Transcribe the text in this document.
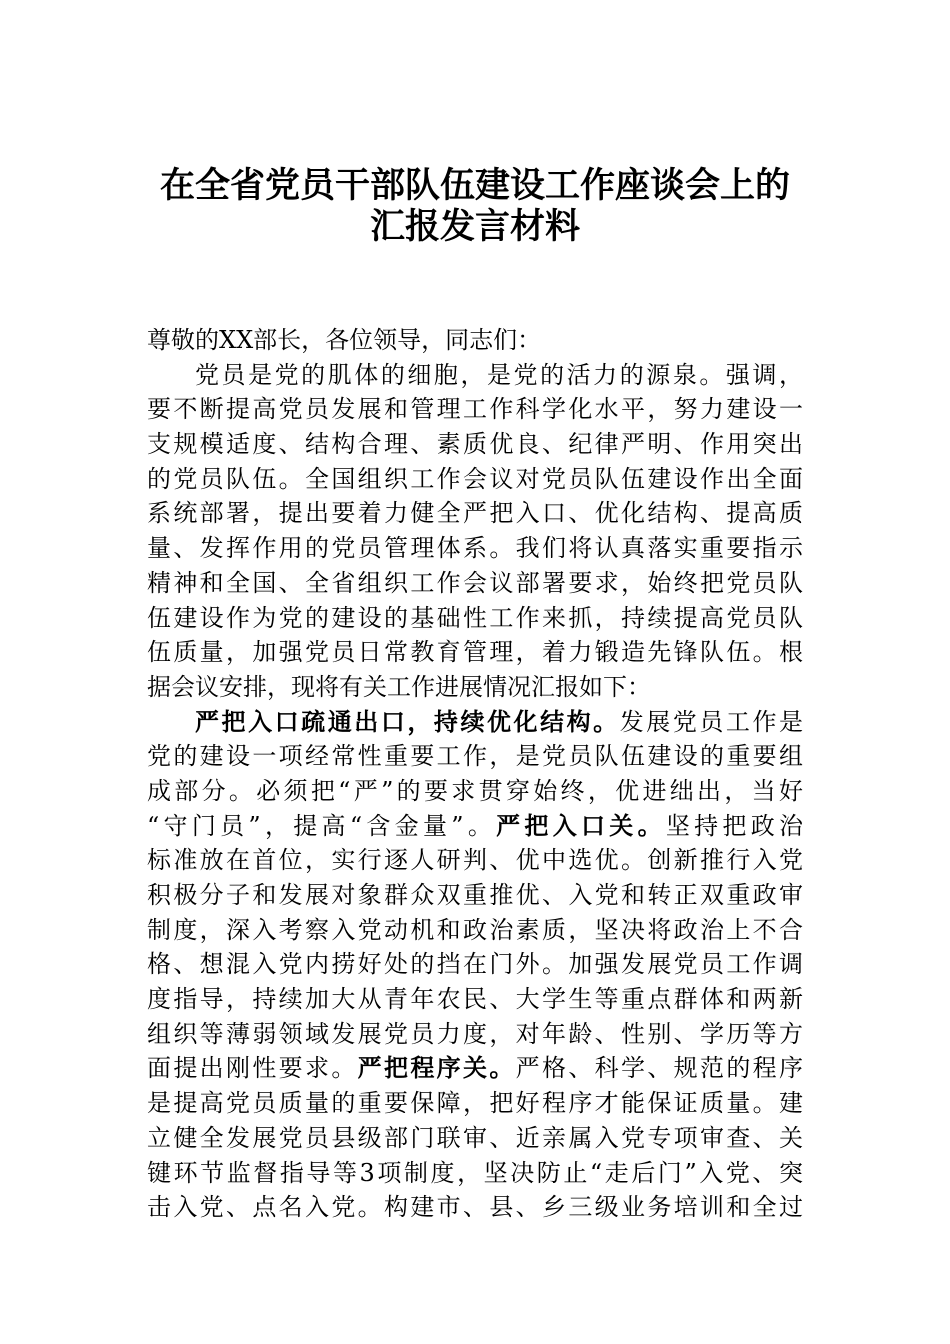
在全省党员干部队伍建设工作座谈会上的
汇报发言材料
尊敬的XX部长，各位领导，同志们：
党员是党的肌体的细胞，是党的活力的源泉。强调，
要不断提高党员发展和管理工作科学化水平，努力建设一
支规模适度、结构合理、素质优良、纪律严明、作用突出
的党员队伍。全国组织工作会议对党员队伍建设作出全面
系统部署，提出要着力健全严把入口、优化结构、提高质
量、发挥作用的党员管理体系。我们将认真落实重要指示
精神和全国、全省组织工作会议部署要求，始终把党员队
伍建设作为党的建设的基础性工作来抓，持续提高党员队
伍质量，加强党员日常教育管理，着力锻造先锋队伍。根
据会议安排，现将有关工作进展情况汇报如下：
严把入口疏通出口，持续优化结构。发展党员工作是
党的建设一项经常性重要工作，是党员队伍建设的重要组
成部分。必须把“严”的要求贯穿始终，优进绌出，当好
“守门员”，提高“含金量”。严把入口关。坚持把政治
标准放在首位，实行逐人研判、优中选优。创新推行入党
积极分子和发展对象群众双重推优、入党和转正双重政审
制度，深入考察入党动机和政治素质，坚决将政治上不合
格、想混入党内捞好处的挡在门外。加强发展党员工作调
度指导，持续加大从青年农民、大学生等重点群体和两新
组织等薄弱领域发展党员力度，对年龄、性别、学历等方
面提出刚性要求。严把程序关。严格、科学、规范的程序
是提高党员质量的重要保障，把好程序才能保证质量。建
立健全发展党员县级部门联审、近亲属入党专项审查、关
键环节监督指导等3项制度，坚决防止“走后门”入党、突
击入党、点名入党。构建市、县、乡三级业务培训和全过
